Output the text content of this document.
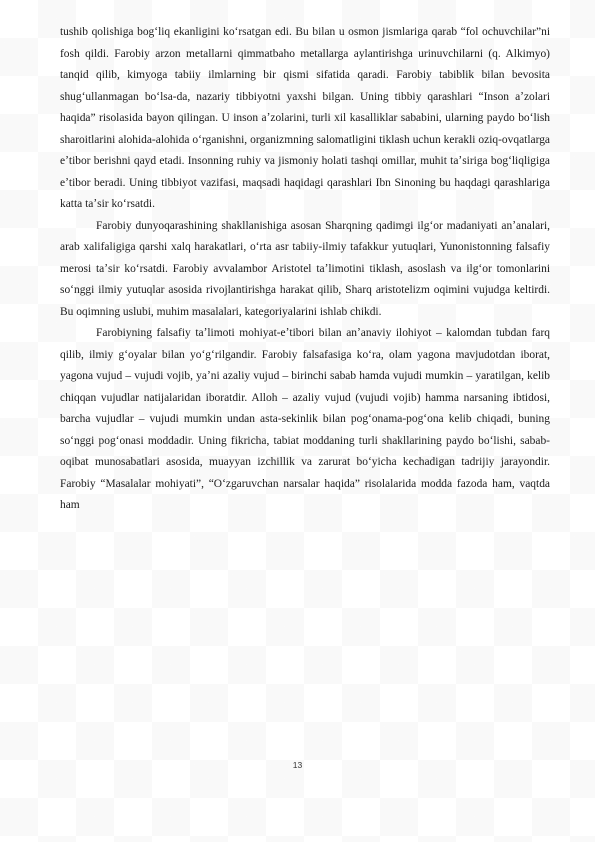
tushib qolishiga bogʻliq ekanligini koʻrsatgan edi. Bu bilan u osmon jismlariga qarab “fol ochuvchilar”ni fosh qildi. Farobiy arzon metallarni qimmatbaho metallarga aylantirishga urinuvchilarni (q. Alkimyo) tanqid qilib, kimyoga tabiiy ilmlarning bir qismi sifatida qaradi. Farobiy tabiblik bilan bevosita shugʻullanmagan boʻlsa-da, nazariy tibbiyotni yaxshi bilgan. Uning tibbiy qarashlari “Inson aʼzolari haqida” risolasida bayon qilingan. U inson aʼzolarini, turli xil kasalliklar sababini, ularning paydo boʻlish sharoitlarini alohida-alohida oʻrganishni, organizmning salomatligini tiklash uchun kerakli oziq-ovqatlarga eʼtibor berishni qayd etadi. Insonning ruhiy va jismoniy holati tashqi omillar, muhit taʼsiriga bogʻliqligiga eʼtibor beradi. Uning tibbiyot vazifasi, maqsadi haqidagi qarashlari Ibn Sinoning bu haqdagi qarashlariga katta taʼsir koʻrsatdi.

Farobiy dunyoqarashining shakllanishiga asosan Sharqning qadimgi ilgʻor madaniyati anʼanalari, arab xalifaligiga qarshi xalq harakatlari, oʻrta asr tabiiy-ilmiy tafakkur yutuqlari, Yunonistonning falsafiy merosi taʼsir koʻrsatdi. Farobiy avvalambor Aristotel taʼlimotini tiklash, asoslash va ilgʻor tomonlarini soʻnggi ilmiy yutuqlar asosida rivojlantirishga harakat qilib, Sharq aristotelizm oqimini vujudga keltirdi. Bu oqimning uslubi, muhim masalalari, kategoriyalarini ishlab chikdi.

Farobiyning falsafiy taʼlimoti mohiyat-eʼtibori bilan anʼanaviy ilohiyot – kalomdan tubdan farq qilib, ilmiy gʻoyalar bilan yoʻgʻrilgandir. Farobiy falsafasiga koʻra, olam yagona mavjudotdan iborat, yagona vujud – vujudi vojib, yaʼni azaliy vujud – birinchi sabab hamda vujudi mumkin – yaratilgan, kelib chiqqan vujudlar natijalaridan iboratdir. Alloh – azaliy vujud (vujudi vojib) hamma narsaning ibtidosi, barcha vujudlar – vujudi mumkin undan asta-sekinlik bilan pogʻonama-pogʻona kelib chiqadi, buning soʻnggi pogʻonasi moddadir. Uning fikricha, tabiat moddaning turli shakllarining paydo boʻlishi, sabab-oqibat munosabatlari asosida, muayyan izchillik va zarurat boʻyicha kechadigan tadrijiy jarayondir. Farobiy “Masalalar mohiyati”, “Oʻzgaruvchan narsalar haqida” risolalarida modda fazoda ham, vaqtda ham

13
